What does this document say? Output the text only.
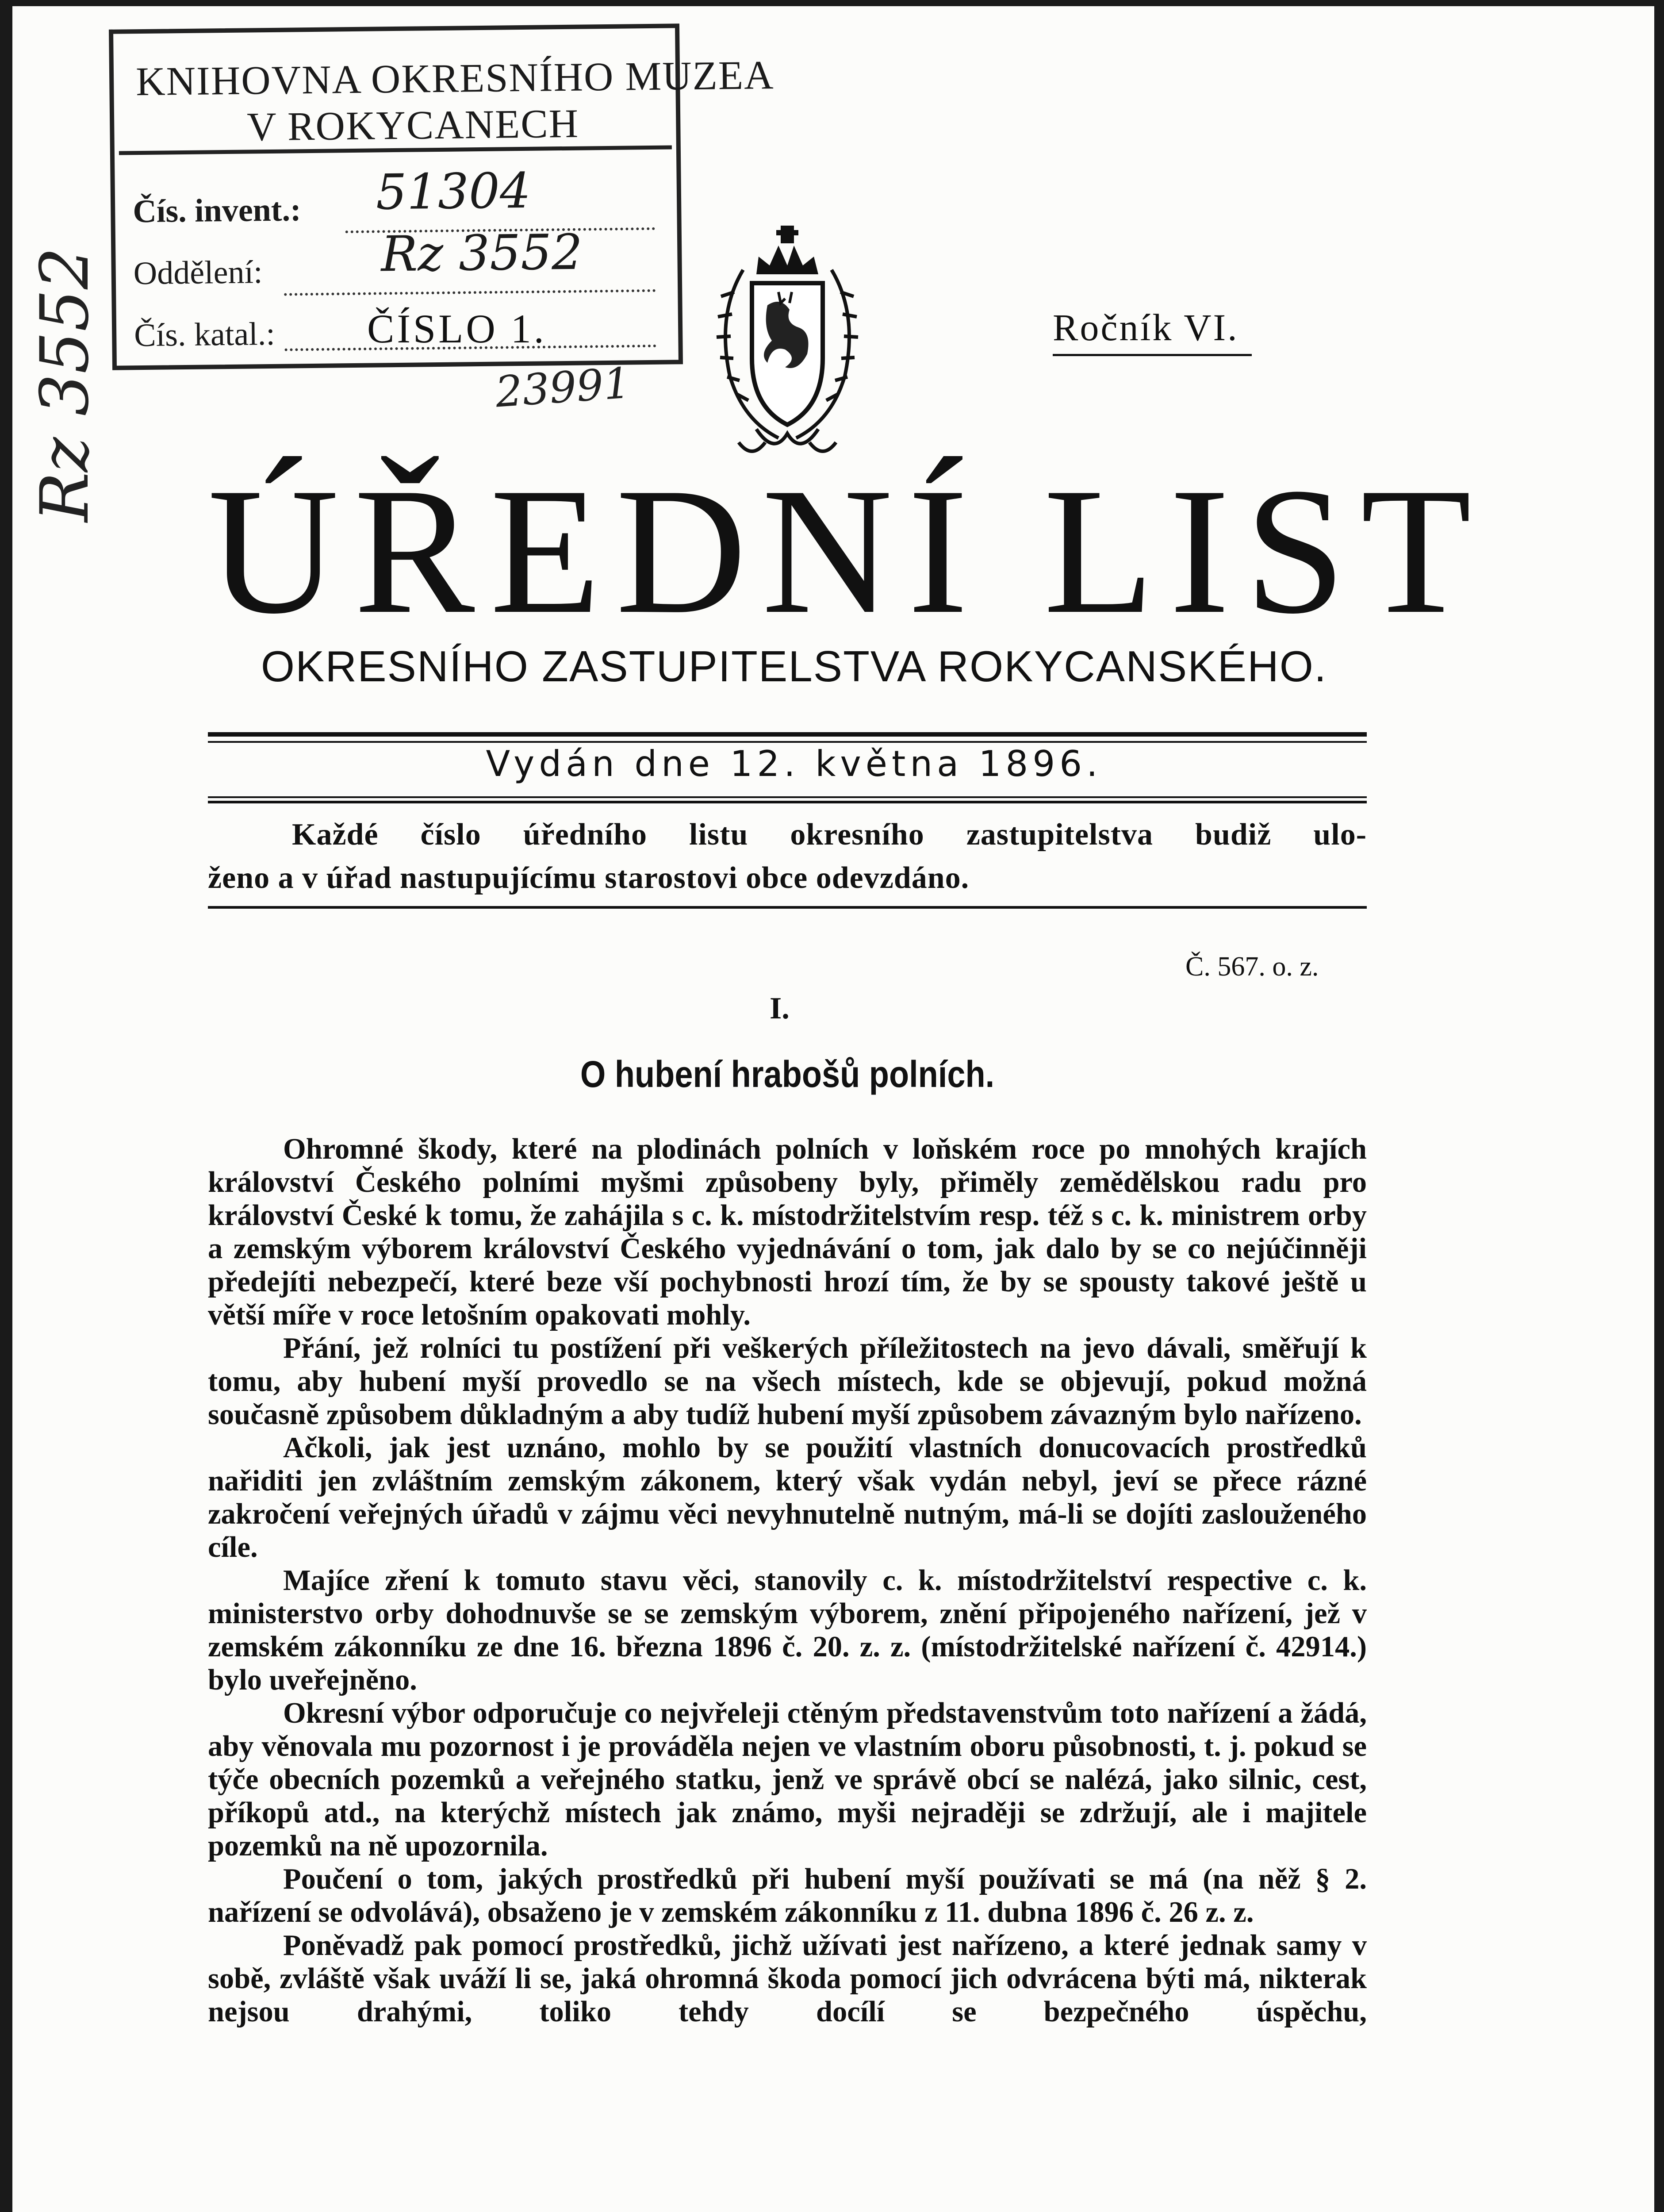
Rz 3552
KNIHOVNA OKRESNÍHO MUZEA
V ROKYCANECH
Čís. invent.: 51304
Oddělení: Rz 3552
Čís. katal.: ČÍSLO 1.
23991
Ročník VI.
ÚŘEDNÍ LIST
OKRESNÍHO ZASTUPITELSTVA ROKYCANSKÉHO.
Vydán dne 12. května 1896.
Každé číslo úředního listu okresního zastupitelstva budiž ulo-
ženo a v úřad nastupujícímu starostovi obce odevzdáno.
Č. 567. o. z.
I.
O hubení hrabošů polních.

Ohromné škody, které na plodinách polních v loňském roce po mnohých krajích království Českého polními myšmi způsobeny byly, přiměly zemědělskou radu pro království České k tomu, že zahájila s c. k. místodržitelstvím resp. též s c. k. ministrem orby a zemským výborem království Českého vyjednávání o tom, jak dalo by se co nejúčinněji předejíti nebezpečí, které beze vší pochybnosti hrozí tím, že by se spousty takové ještě u větší míře v roce letošním opakovati mohly.

Přání, jež rolníci tu postížení při veškerých příležitostech na jevo dávali, směřují k tomu, aby hubení myší provedlo se na všech místech, kde se objevují, pokud možná současně způsobem důkladným a aby tudíž hubení myší způsobem závazným bylo nařízeno.

Ačkoli, jak jest uznáno, mohlo by se použití vlastních donucovacích prostředků nařiditi jen zvláštním zemským zákonem, který však vydán nebyl, jeví se přece rázné zakročení veřejných úřadů v zájmu věci nevyhnutelně nutným, má-li se dojíti zaslouženého cíle.

Majíce zření k tomuto stavu věci, stanovily c. k. místodržitelství respective c. k. ministerstvo orby dohodnuvše se se zemským výborem, znění připojeného nařízení, jež v zemském zákonníku ze dne 16. března 1896 č. 20. z. z. (místodržitelské nařízení č. 42914.) bylo uveřejněno.

Okresní výbor odporučuje co nejvřeleji ctěným představenstvům toto nařízení a žádá, aby věnovala mu pozornost i je prováděla nejen ve vlastním oboru působnosti, t. j. pokud se týče obecních pozemků a veřejného statku, jenž ve správě obcí se nalézá, jako silnic, cest, příkopů atd., na kterýchž místech jak známo, myši nejraději se zdržují, ale i majitele pozemků na ně upozornila.

Poučení o tom, jakých prostředků při hubení myší používati se má (na něž § 2. nařízení se odvolává), obsaženo je v zemském zákonníku z 11. dubna 1896 č. 26 z. z.

Poněvadž pak pomocí prostředků, jichž užívati jest nařízeno, a které jednak samy v sobě, zvláště však uváží li se, jaká ohromná škoda pomocí jich odvrácena býti má, nikterak nejsou drahými, toliko tehdy docílí se bezpečného úspěchu,
